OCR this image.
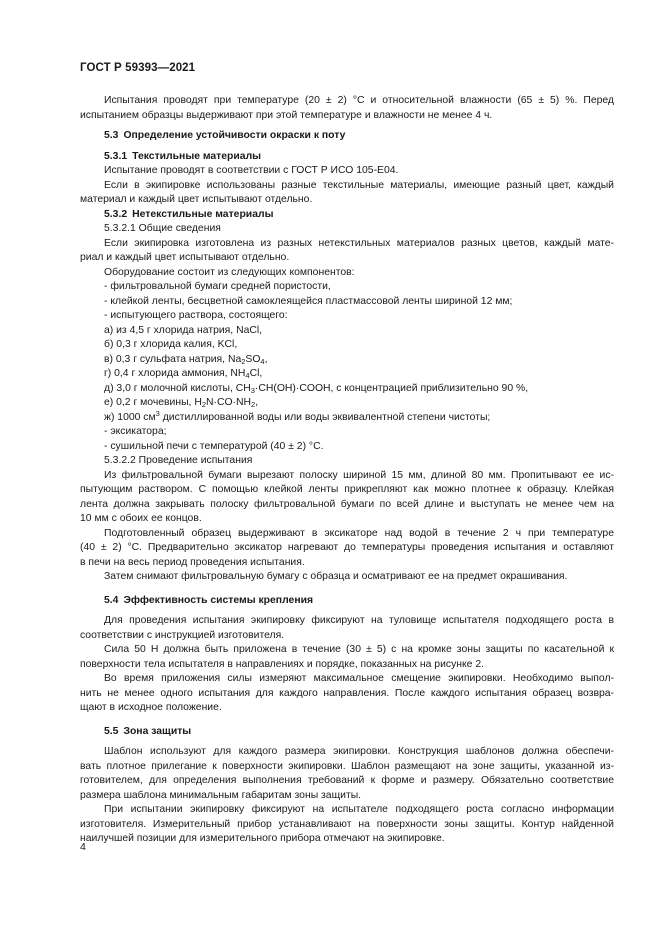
ГОСТ Р 59393—2021

Испытания проводят при температуре (20 ± 2) °С и относительной влажности (65 ± 5) %. Перед

испытанием образцы выдерживают при этой температуре и влажности не менее 4 ч.

5.3 Определение устойчивости окраски к поту
5.3.1 Текстильные материалы

Испытание проводят в соответствии с ГОСТ Р ИСО 105-Е04.

Если в экипировке использованы разные текстильные материалы, имеющие разный цвет, каждый

материал и каждый цвет испытывают отдельно.

5.3.2 Нетекстильные материалы

5.3.2.1 Общие сведения

Если экипировка изготовлена из разных нетекстильных материалов разных цветов, каждый мате-

риал и каждый цвет испытывают отдельно.

Оборудование состоит из следующих компонентов:

- фильтровальной бумаги средней пористости,

- клейкой ленты, бесцветной самоклеящейся пластмассовой ленты шириной 12 мм;

- испытующего раствора, состоящего:

а) из 4,5 г хлорида натрия, NaCl,

б) 0,3 г хлорида калия, KCl,

в) 0,3 г сульфата натрия, $Na_2SO_4$,

г) 0,4 г хлорида аммония, $NH_4Cl$,

д) 3,0 г молочной кислоты, $CH_3\cdot CH(OH)\cdot COOH$, с концентрацией приблизительно 90 %,

е) 0,2 г мочевины, $H_2N\cdot CO\cdot NH_2$,

ж) 1000 $см^3$ дистиллированной воды или воды эквивалентной степени чистоты;

- эксикатора;

- сушильной печи с температурой (40 ± 2) °С.

5.3.2.2 Проведение испытания

Из фильтровальной бумаги вырезают полоску шириной 15 мм, длиной 80 мм. Пропитывают ее ис-

пытующим раствором. С помощью клейкой ленты прикрепляют как можно плотнее к образцу. Клейкая

лента должна закрывать полоску фильтровальной бумаги по всей длине и выступать не менее чем на

10 мм с обоих ее концов.

Подготовленный образец выдерживают в эксикаторе над водой в течение 2 ч при температуре

(40 ± 2) °С. Предварительно эксикатор нагревают до температуры проведения испытания и оставляют

в печи на весь период проведения испытания.

Затем снимают фильтровальную бумагу с образца и осматривают ее на предмет окрашивания.

5.4 Эффективность системы крепления

Для проведения испытания экипировку фиксируют на туловище испытателя подходящего роста в

соответствии с инструкцией изготовителя.

Сила 50 Н должна быть приложена в течение (30 ± 5) с на кромке зоны защиты по касательной к

поверхности тела испытателя в направлениях и порядке, показанных на рисунке 2.

Во время приложения силы измеряют максимальное смещение экипировки. Необходимо выпол-

нить не менее одного испытания для каждого направления. После каждого испытания образец возвра-

щают в исходное положение.

5.5 Зона защиты

Шаблон используют для каждого размера экипировки. Конструкция шаблонов должна обеспечи-

вать плотное прилегание к поверхности экипировки. Шаблон размещают на зоне защиты, указанной из-

готовителем, для определения выполнения требований к форме и размеру. Обязательно соответствие

размера шаблона минимальным габаритам зоны защиты.

При испытании экипировку фиксируют на испытателе подходящего роста согласно информации

изготовителя. Измерительный прибор устанавливают на поверхности зоны защиты. Контур найденной

наилучшей позиции для измерительного прибора отмечают на экипировке.

4
